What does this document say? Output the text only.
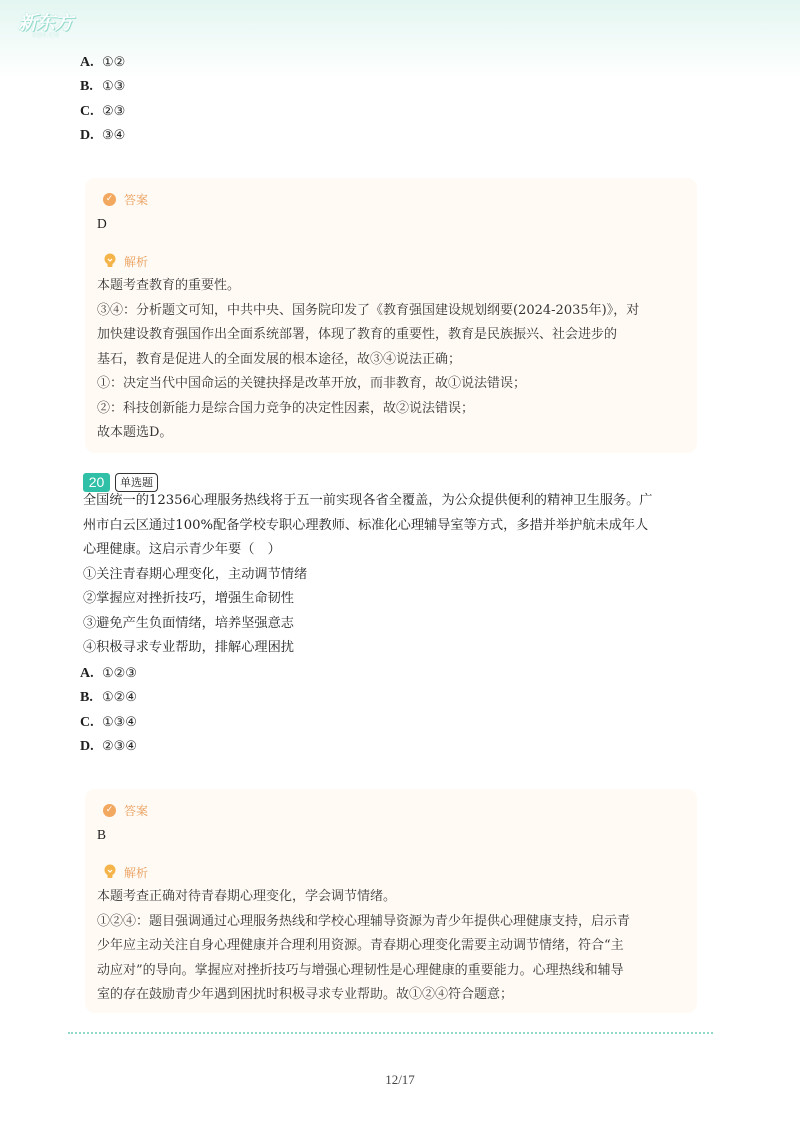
新东方
XDF.CN
A. ①②
B. ①③
C. ②③
D. ③④
✓ 答案
D
解析
本题考查教育的重要性。
③④：分析题文可知，中共中央、国务院印发了《教育强国建设规划纲要(2024-2035年)》，对
加快建设教育强国作出全面系统部署，体现了教育的重要性，教育是民族振兴、社会进步的
基石，教育是促进人的全面发展的根本途径，故③④说法正确；
①：决定当代中国命运的关键抉择是改革开放，而非教育，故①说法错误；
②：科技创新能力是综合国力竞争的决定性因素，故②说法错误；
故本题选D。
20	单选题
全国统一的12356心理服务热线将于五一前实现各省全覆盖，为公众提供便利的精神卫生服务。广
州市白云区通过100%配备学校专职心理教师、标准化心理辅导室等方式，多措并举护航未成年人
心理健康。这启示青少年要（　）
①关注青春期心理变化，主动调节情绪
②掌握应对挫折技巧，增强生命韧性
③避免产生负面情绪，培养坚强意志
④积极寻求专业帮助，排解心理困扰
A. ①②③
B. ①②④
C. ①③④
D. ②③④
✓ 答案
B
解析
本题考查正确对待青春期心理变化，学会调节情绪。
①②④：题目强调通过心理服务热线和学校心理辅导资源为青少年提供心理健康支持，启示青
少年应主动关注自身心理健康并合理利用资源。青春期心理变化需要主动调节情绪，符合“主
动应对”的导向。掌握应对挫折技巧与增强心理韧性是心理健康的重要能力。心理热线和辅导
室的存在鼓励青少年遇到困扰时积极寻求专业帮助。故①②④符合题意；
12/17
